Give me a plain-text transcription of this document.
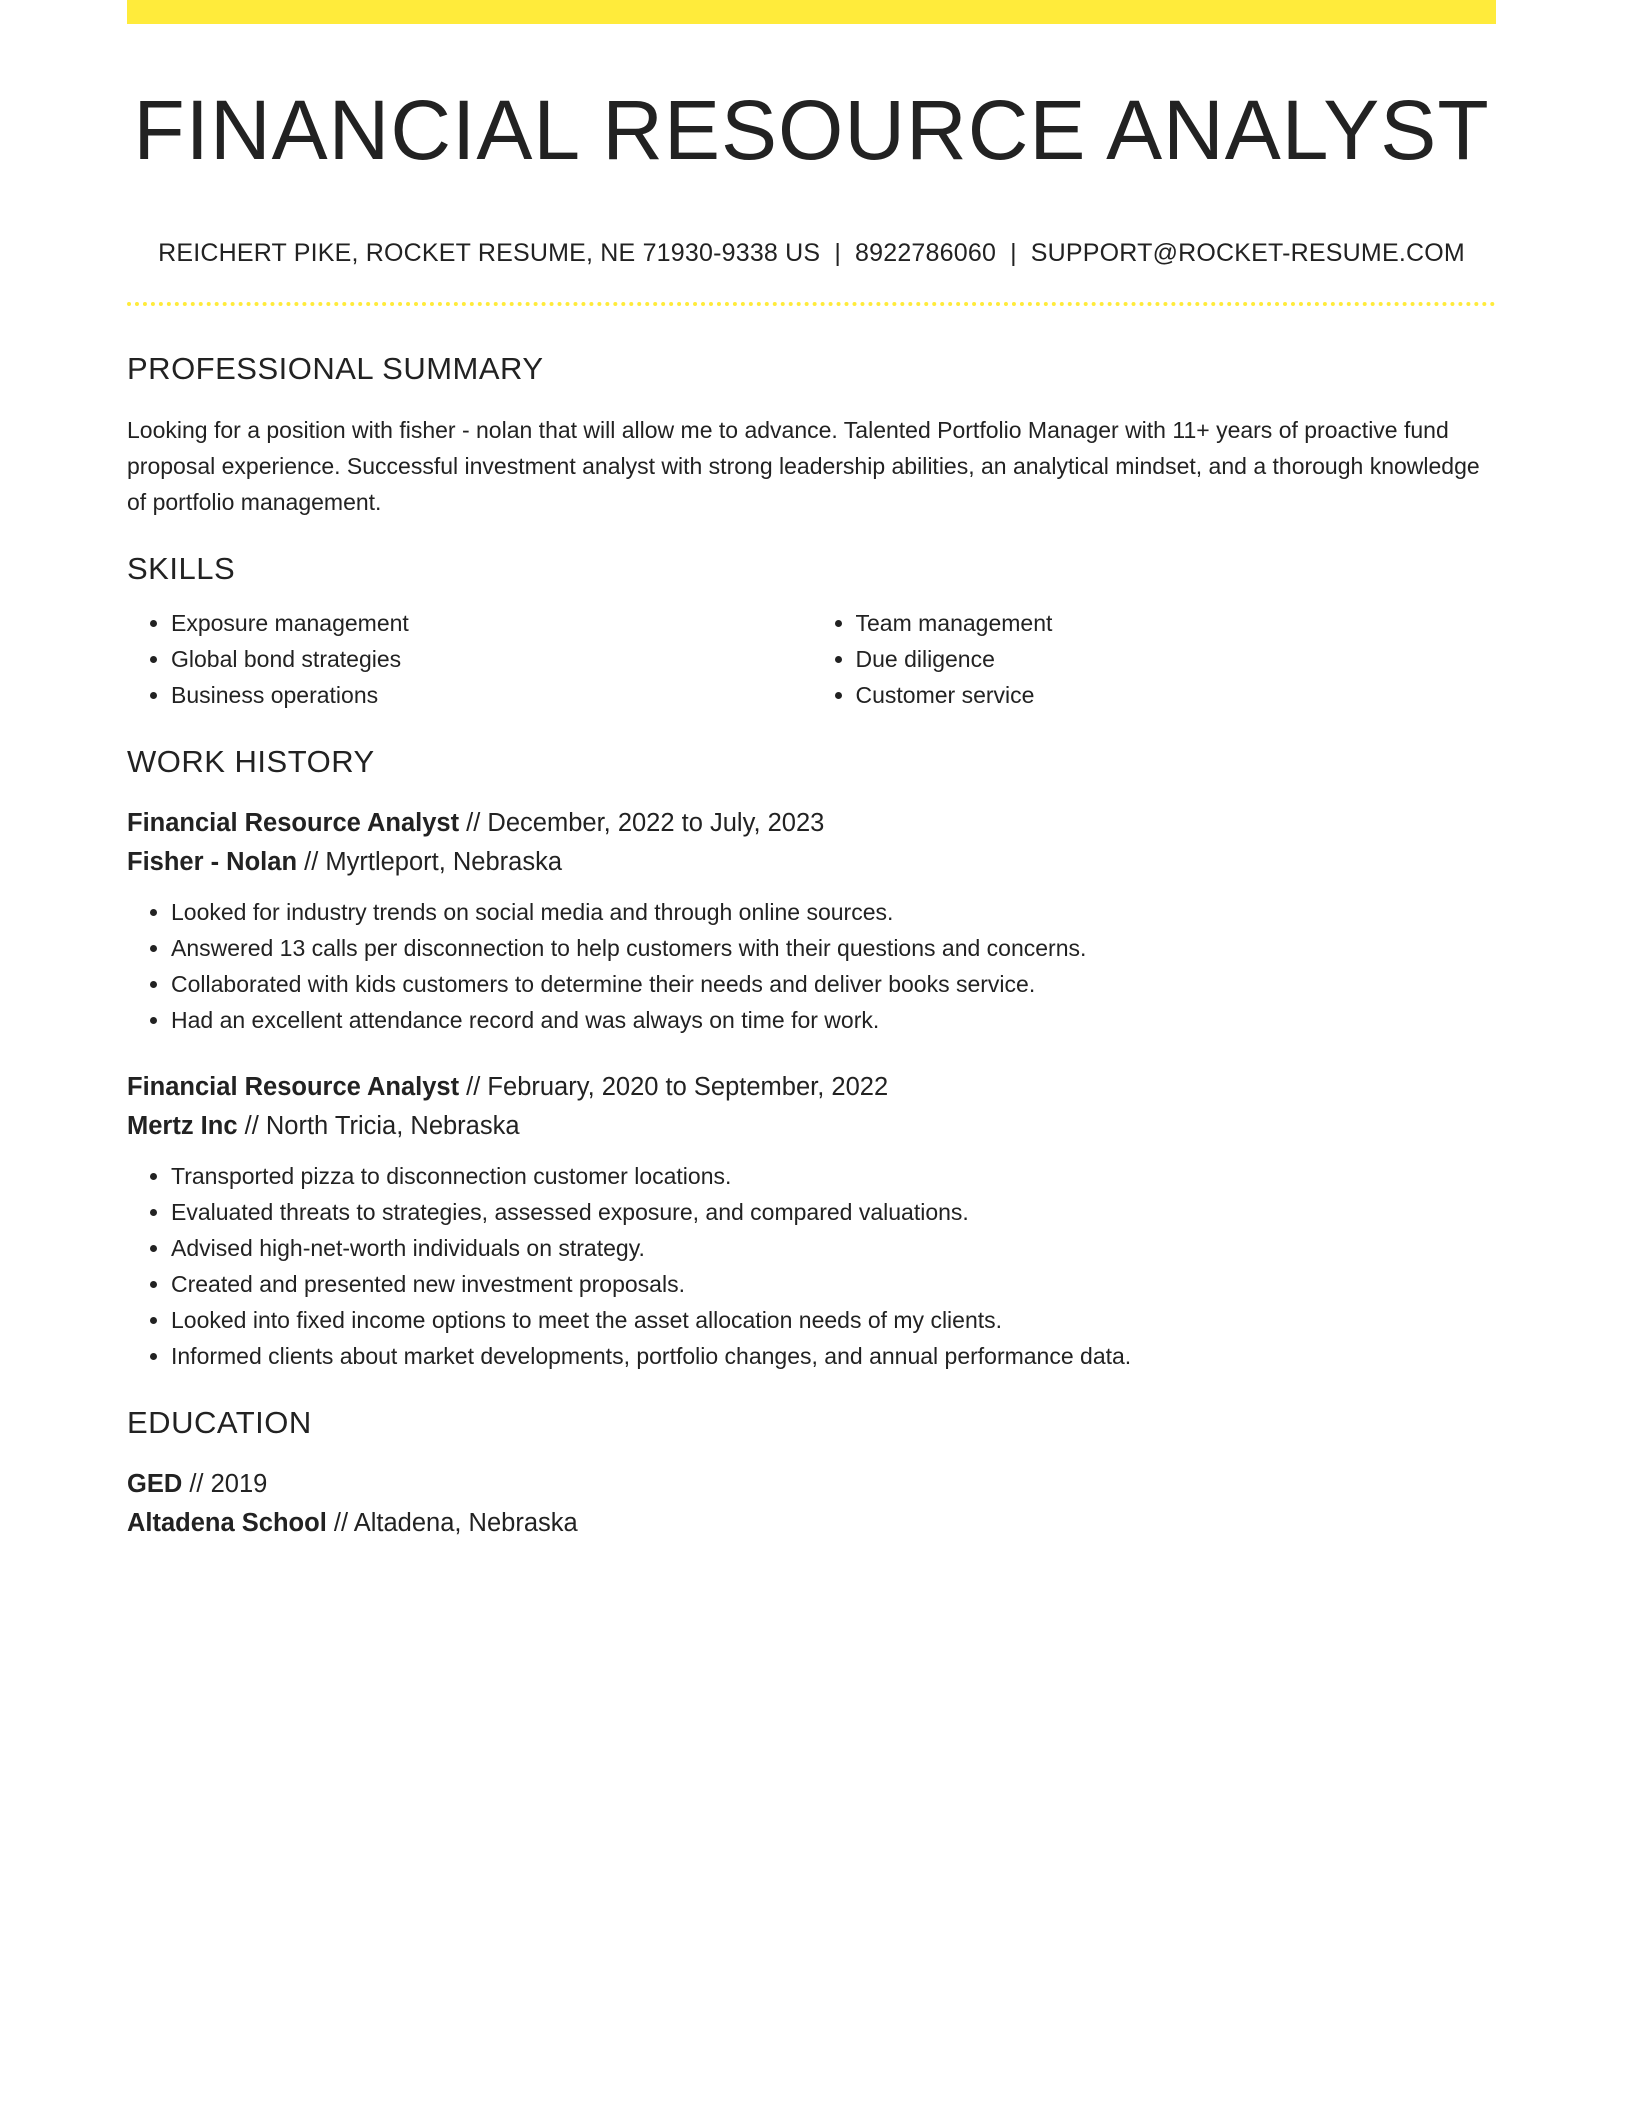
FINANCIAL RESOURCE ANALYST
REICHERT PIKE, ROCKET RESUME, NE 71930-9338 US | 8922786060 | SUPPORT@ROCKET-RESUME.COM
PROFESSIONAL SUMMARY

Looking for a position with fisher - nolan that will allow me to advance. Talented Portfolio Manager with 11+ years of proactive fund proposal experience. Successful investment analyst with strong leadership abilities, an analytical mindset, and a thorough knowledge of portfolio management.

SKILLS
• Exposure management
• Global bond strategies
• Business operations
• Team management
• Due diligence
• Customer service
WORK HISTORY
Financial Resource Analyst // December, 2022 to July, 2023
Fisher - Nolan // Myrtleport, Nebraska
• Looked for industry trends on social media and through online sources.
• Answered 13 calls per disconnection to help customers with their questions and concerns.
• Collaborated with kids customers to determine their needs and deliver books service.
• Had an excellent attendance record and was always on time for work.
Financial Resource Analyst // February, 2020 to September, 2022
Mertz Inc // North Tricia, Nebraska
• Transported pizza to disconnection customer locations.
• Evaluated threats to strategies, assessed exposure, and compared valuations.
• Advised high-net-worth individuals on strategy.
• Created and presented new investment proposals.
• Looked into fixed income options to meet the asset allocation needs of my clients.
• Informed clients about market developments, portfolio changes, and annual performance data.
EDUCATION
GED // 2019
Altadena School // Altadena, Nebraska
